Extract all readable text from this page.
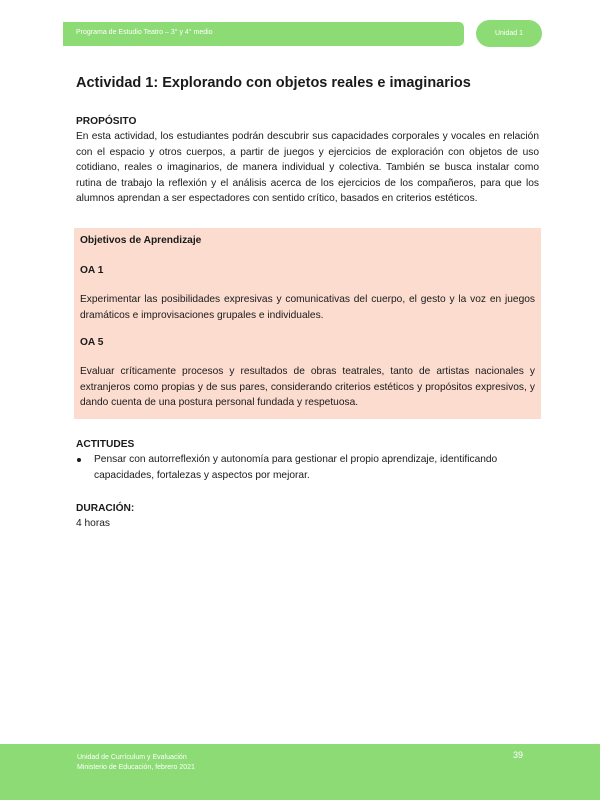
Programa de Estudio Teatro – 3° y 4° medio	Unidad 1
Actividad 1: Explorando con objetos reales e imaginarios

PROPÓSITO

En esta actividad, los estudiantes podrán descubrir sus capacidades corporales y vocales en relación con el espacio y otros cuerpos, a partir de juegos y ejercicios de exploración con objetos de uso cotidiano, reales o imaginarios, de manera individual y colectiva. También se busca instalar como rutina de trabajo la reflexión y el análisis acerca de los ejercicios de los compañeros, para que los alumnos aprendan a ser espectadores con sentido crítico, basados en criterios estéticos.

Objetivos de Aprendizaje

OA 1

Experimentar las posibilidades expresivas y comunicativas del cuerpo, el gesto y la voz en juegos dramáticos e improvisaciones grupales e individuales.

OA 5

Evaluar críticamente procesos y resultados de obras teatrales, tanto de artistas nacionales y extranjeros como propias y de sus pares, considerando criterios estéticos y propósitos expresivos, y dando cuenta de una postura personal fundada y respetuosa.

ACTITUDES

Pensar con autorreflexión y autonomía para gestionar el propio aprendizaje, identificando capacidades, fortalezas y aspectos por mejorar.

DURACIÓN:

4 horas

Unidad de Currículum y Evaluación
Ministerio de Educación, febrero 2021
39
